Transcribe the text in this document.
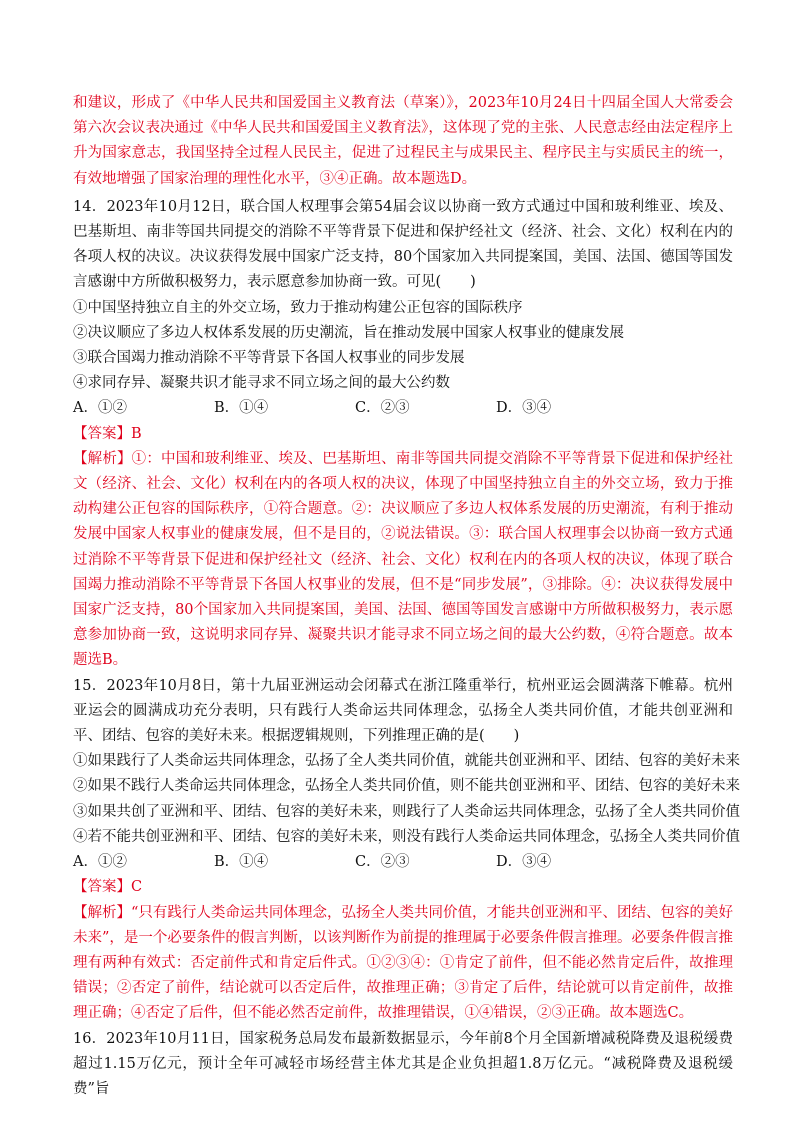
和建议，形成了《中华人民共和国爱国主义教育法（草案）》，2023年10月24日十四届全国人大常委会第六次会议表决通过《中华人民共和国爱国主义教育法》，这体现了党的主张、人民意志经由法定程序上升为国家意志，我国坚持全过程人民民主，促进了过程民主与成果民主、程序民主与实质民主的统一，有效地增强了国家治理的理性化水平，③④正确。故本题选D。

14．2023年10月12日，联合国人权理事会第54届会议以协商一致方式通过中国和玻利维亚、埃及、巴基斯坦、南非等国共同提交的消除不平等背景下促进和保护经社文（经济、社会、文化）权利在内的各项人权的决议。决议获得发展中国家广泛支持，80个国家加入共同提案国，美国、法国、德国等国发言感谢中方所做积极努力，表示愿意参加协商一致。可见(　　)

①中国坚持独立自主的外交立场，致力于推动构建公正包容的国际秩序

②决议顺应了多边人权体系发展的历史潮流，旨在推动发展中国家人权事业的健康发展

③联合国竭力推动消除不平等背景下各国人权事业的同步发展

④求同存异、凝聚共识才能寻求不同立场之间的最大公约数

A．①②	B．①④	C．②③	D．③④

【答案】B

【解析】①：中国和玻利维亚、埃及、巴基斯坦、南非等国共同提交消除不平等背景下促进和保护经社文（经济、社会、文化）权利在内的各项人权的决议，体现了中国坚持独立自主的外交立场，致力于推动构建公正包容的国际秩序，①符合题意。②：决议顺应了多边人权体系发展的历史潮流，有利于推动发展中国家人权事业的健康发展，但不是目的，②说法错误。③：联合国人权理事会以协商一致方式通过消除不平等背景下促进和保护经社文（经济、社会、文化）权利在内的各项人权的决议，体现了联合国竭力推动消除不平等背景下各国人权事业的发展，但不是“同步发展”，③排除。④：决议获得发展中国家广泛支持，80个国家加入共同提案国，美国、法国、德国等国发言感谢中方所做积极努力，表示愿意参加协商一致，这说明求同存异、凝聚共识才能寻求不同立场之间的最大公约数，④符合题意。故本题选B。

15．2023年10月8日，第十九届亚洲运动会闭幕式在浙江隆重举行，杭州亚运会圆满落下帷幕。杭州亚运会的圆满成功充分表明，只有践行人类命运共同体理念，弘扬全人类共同价值，才能共创亚洲和平、团结、包容的美好未来。根据逻辑规则，下列推理正确的是(　　)

①如果践行了人类命运共同体理念，弘扬了全人类共同价值，就能共创亚洲和平、团结、包容的美好未来

②如果不践行人类命运共同体理念，弘扬全人类共同价值，则不能共创亚洲和平、团结、包容的美好未来

③如果共创了亚洲和平、团结、包容的美好未来，则践行了人类命运共同体理念，弘扬了全人类共同价值

④若不能共创亚洲和平、团结、包容的美好未来，则没有践行人类命运共同体理念，弘扬全人类共同价值

A．①②	B．①④	C．②③	D．③④

【答案】C

【解析】“只有践行人类命运共同体理念，弘扬全人类共同价值，才能共创亚洲和平、团结、包容的美好未来”，是一个必要条件的假言判断，以该判断作为前提的推理属于必要条件假言推理。必要条件假言推理有两种有效式：否定前件式和肯定后件式。①②③④：①肯定了前件，但不能必然肯定后件，故推理错误；②否定了前件，结论就可以否定后件，故推理正确；③肯定了后件，结论就可以肯定前件，故推理正确；④否定了后件，但不能必然否定前件，故推理错误，①④错误，②③正确。故本题选C。

16．2023年10月11日，国家税务总局发布最新数据显示，今年前8个月全国新增减税降费及退税缓费超过1.15万亿元，预计全年可减轻市场经营主体尤其是企业负担超1.8万亿元。“减税降费及退税缓费”旨
